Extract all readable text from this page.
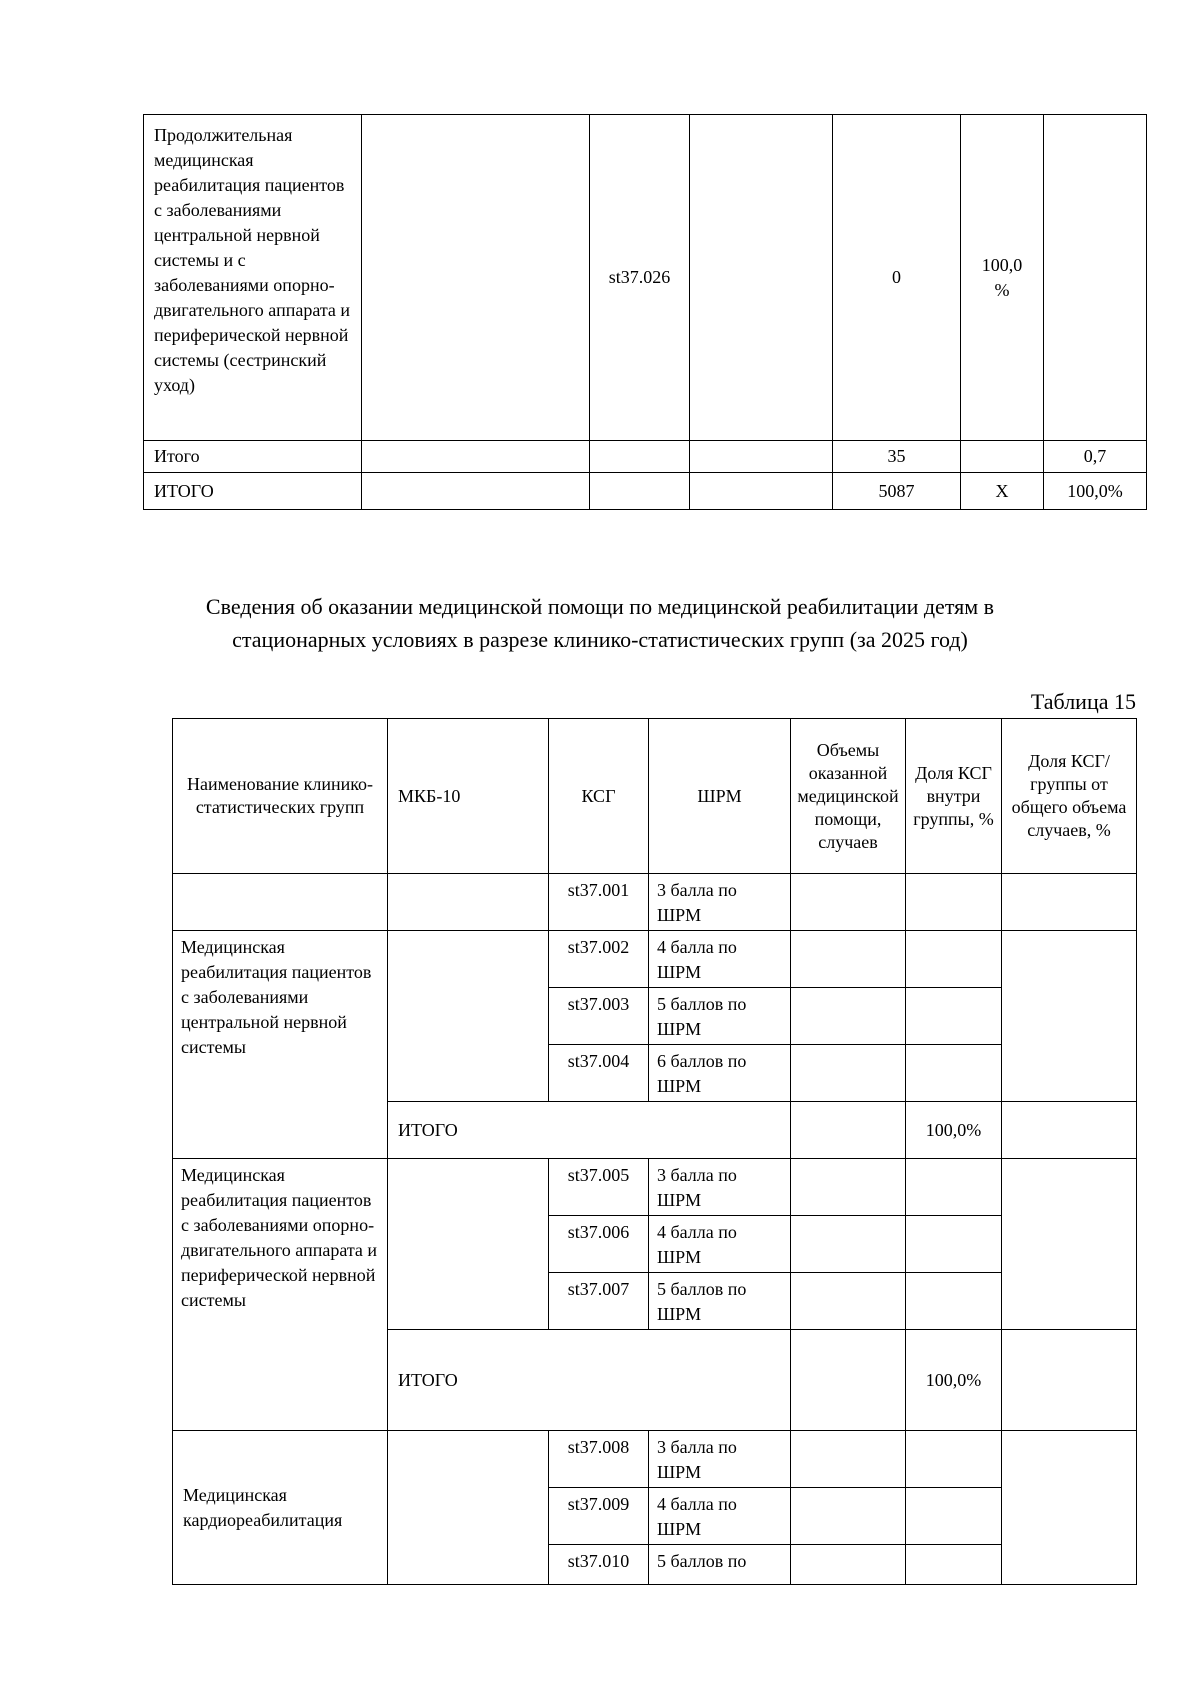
Продолжительная медицинская реабилитация пациентов с заболеваниями центральной нервной системы и с заболеваниями опорно-двигательного аппарата и периферической нервной системы (сестринский уход)		st37.026		0	100,0 %	
Итого				35		0,7
ИТОГО				5087	Х	100,0%
Сведения об оказании медицинской помощи по медицинской реабилитации детям в
стационарных условиях в разрезе клинико-статистических групп (за 2025 год)
Таблица 15
Наименование клинико-статистических групп	МКБ-10	КСГ	ШРМ	Объемы оказанной медицинской помощи, случаев	Доля КСГ внутри группы, %	Доля КСГ/группы от общего объема случаев, %
		st37.001	3 балла по ШРМ			
Медицинская реабилитация пациентов с заболеваниями центральной нервной системы		st37.002	4 балла по ШРМ			
		st37.003	5 баллов по ШРМ			
		st37.004	6 баллов по ШРМ			
	ИТОГО				100,0%	
Медицинская реабилитация пациентов с заболеваниями опорно-двигательного аппарата и периферической нервной системы		st37.005	3 балла по ШРМ			
		st37.006	4 балла по ШРМ			
		st37.007	5 баллов по ШРМ			
	ИТОГО				100,0%	
Медицинская кардиореабилитация		st37.008	3 балла по ШРМ			
		st37.009	4 балла по ШРМ			
		st37.010	5 баллов по			
